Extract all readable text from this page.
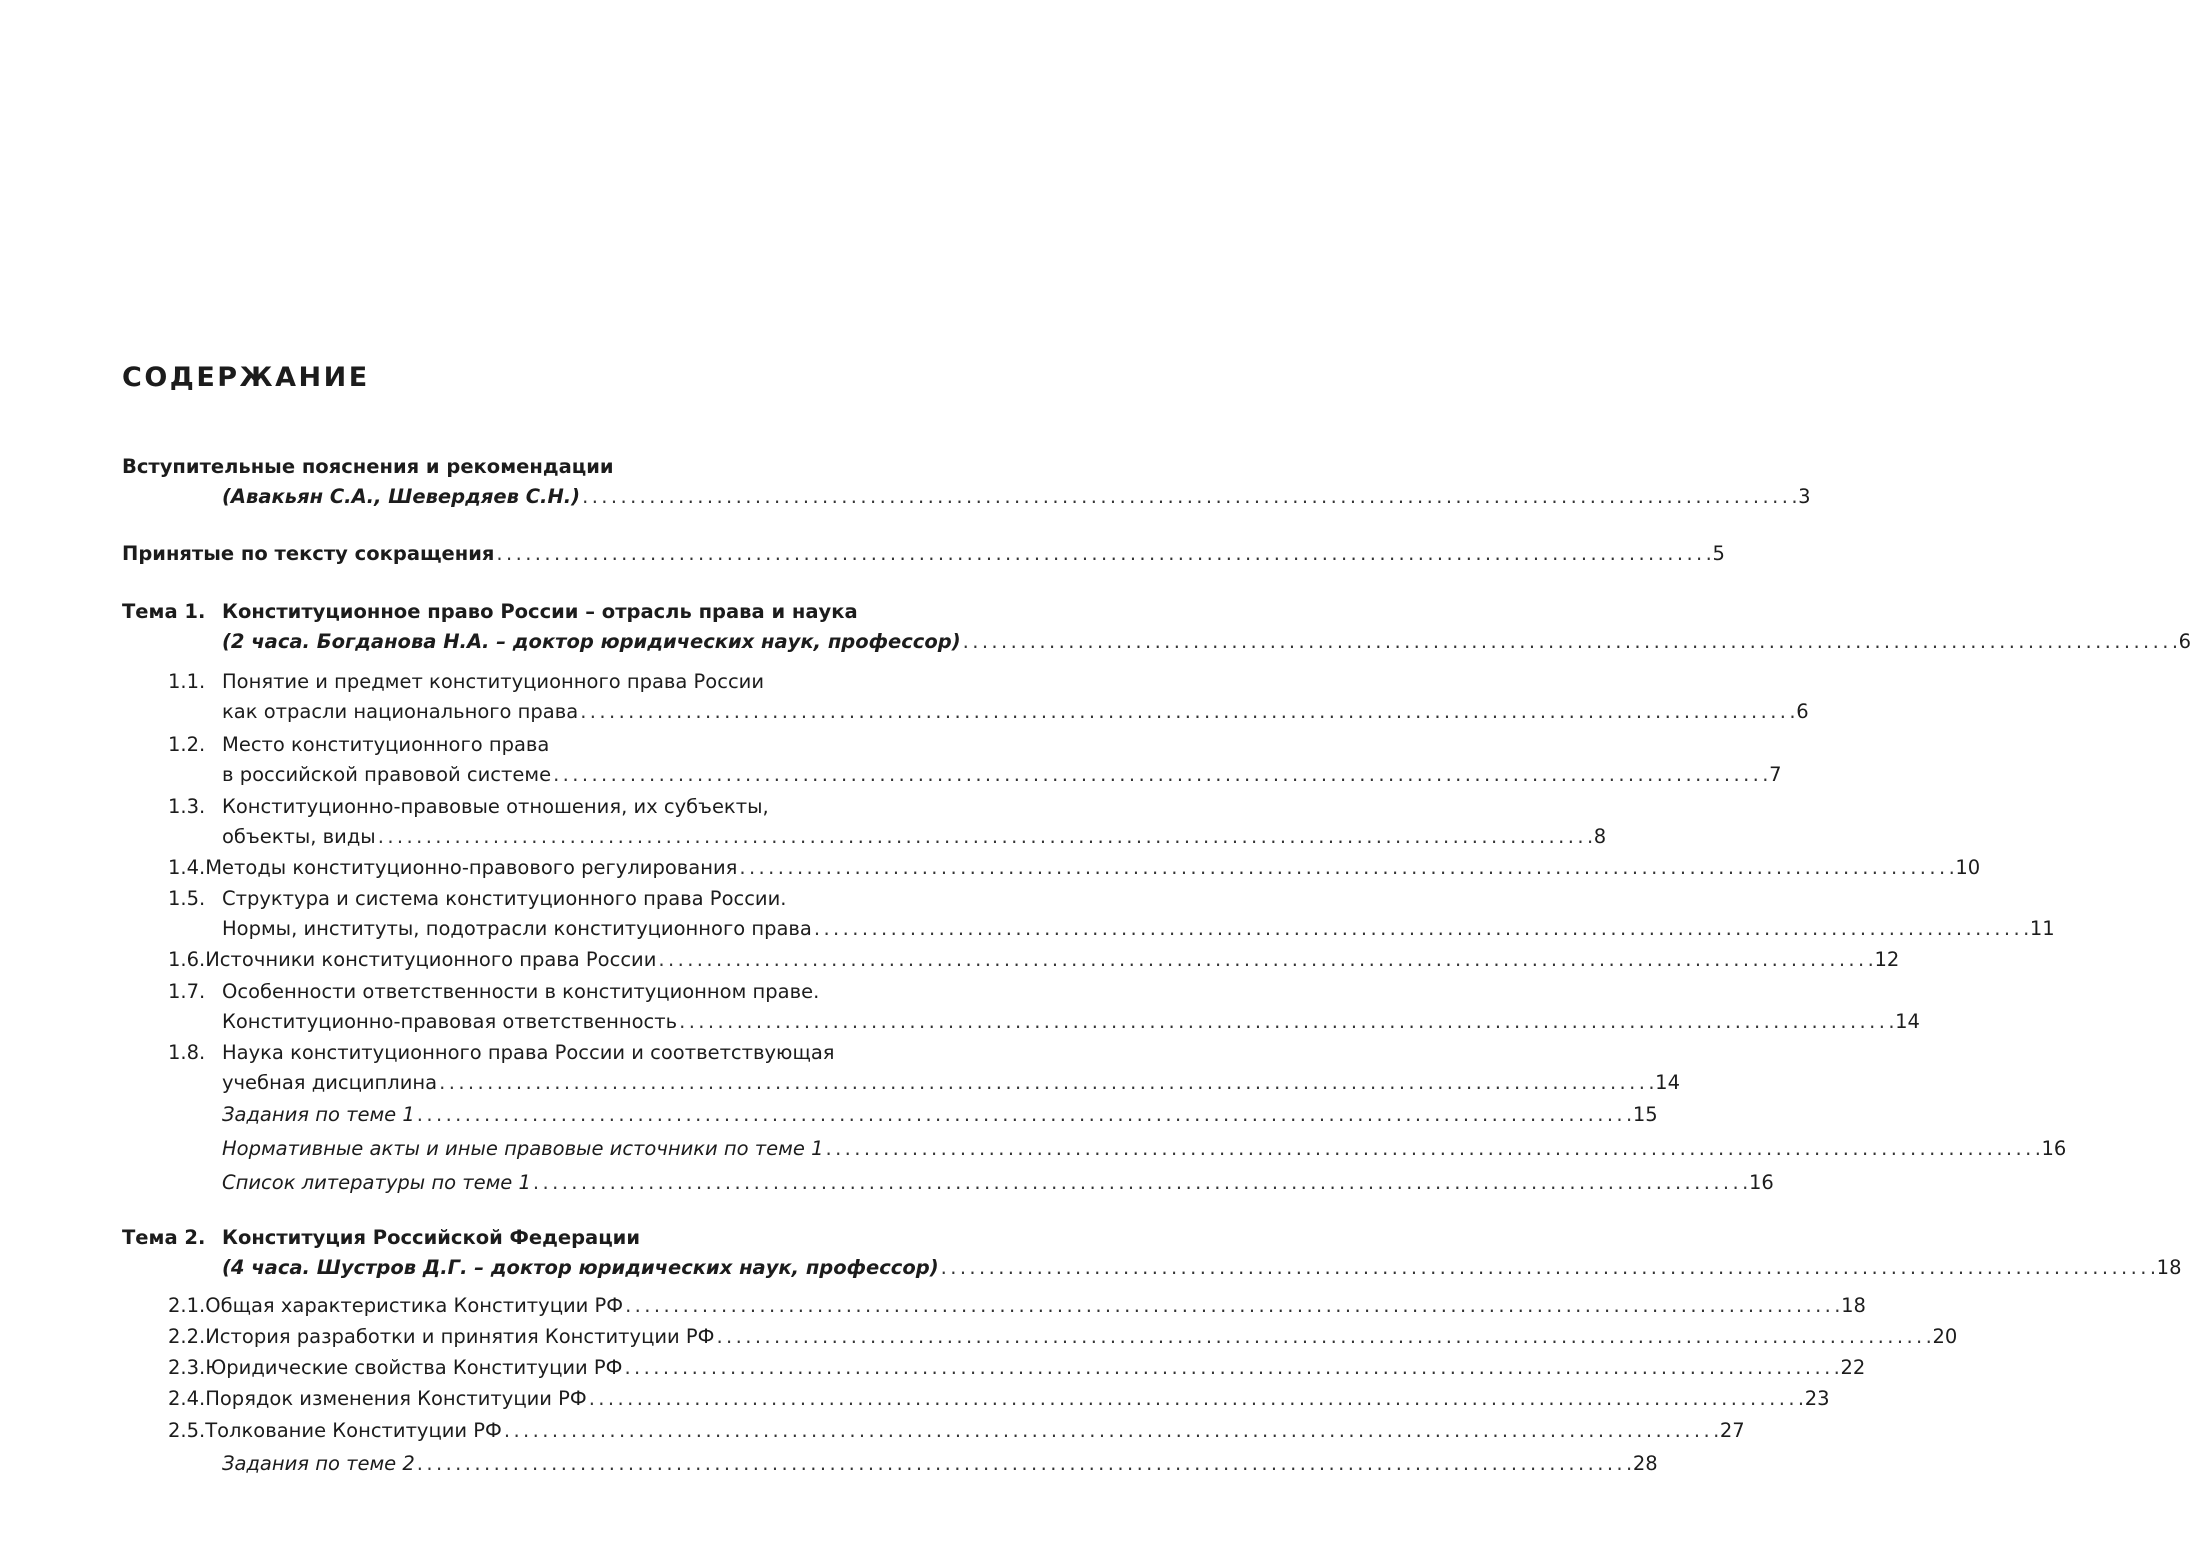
СОДЕРЖАНИЕ
Вступительные пояснения и рекомендации
(Авакьян С.А., Шевердяев С.Н.) . . .	3
Принятые по тексту сокращения . . .	5
Тема 1. Конституционное право России – отрасль права и наука
(2 часа. Богданова Н.А. – доктор юридических наук, профессор) . . .	6
1.1. Понятие и предмет конституционного права России
как отрасли национального права . . .	6
1.2. Место конституционного права
в российской правовой системе . . .	7
1.3. Конституционно-правовые отношения, их субъекты,
объекты, виды . . .	8
1.4. Методы конституционно-правового регулирования . . .	10
1.5. Структура и система конституционного права России.
Нормы, институты, подотрасли конституционного права . . .	11
1.6. Источники конституционного права России . . .	12
1.7. Особенности ответственности в конституционном праве.
Конституционно-правовая ответственность . . .	14
1.8. Наука конституционного права России и соответствующая
учебная дисциплина . . .	14
Задания по теме 1 . . .	15
Нормативные акты и иные правовые источники по теме 1 . . .	16
Список литературы по теме 1 . . .	16
Тема 2. Конституция Российской Федерации
(4 часа. Шустров Д.Г. – доктор юридических наук, профессор) . . .	18
2.1. Общая характеристика Конституции РФ . . .	18
2.2. История разработки и принятия Конституции РФ . . .	20
2.3. Юридические свойства Конституции РФ . . .	22
2.4. Порядок изменения Конституции РФ . . .	23
2.5. Толкование Конституции РФ . . .	27
Задания по теме 2 . . .	28
